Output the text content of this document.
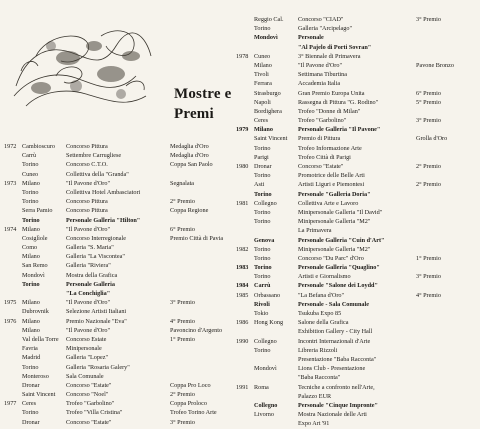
Mostre e
Premi
1972 Cambioscuro	Concorso Pittura	Medaglia d'Oro
Carrù	Settembre Carrugliese	Medaglia d'Oro
Torino	Concorso C.T.O.	Coppa San Paolo
Cuneo	Collettiva della "Granda"
1973 Milano	"Il Pavone d'Oro"	Segnalata
Torino	Collettiva Hotel Ambasciatori
Torino	Concorso Pittura	2° Premio
Serra Pamio	Concorso Pittura	Coppa Regione
Torino	Personale Galleria "Hilton"
1974 Milano	"Il Pavone d'Oro"	6° Premio
Cosiglìole	Concorso Interregionale	Premio Città di Pavia
Como	Galleria "S. Maria"
Milano	Galleria "La Viscontea"
San Remo	Galleria "Riviera"
Mondovì	Mostra della Grafica
Torino	Personale Galleria
"La Conchiglia"
1975 Milano	"Il Pavone d'Oro"	3° Premio
Dubrovnik	Selezione Artisti Italiani
1976 Milano	Premio Nazionale "Eva"	4° Premio
Milano	"Il Pavone d'Oro"	Pavoncino d'Argento
Val della Torre	Concorso Estate	1° Premio
Favria	Minipersonale
Madrid	Galleria "Lopez"
Torino	Galleria "Rosaria Galery"
Monteroso	Sala Comunale
Dronar	Concorso "Estate"	Coppa Pro Loco
Saint Vincent	Concorso "Noel"	2° Premio
1977 Ceres	Trofeo "Garbolino"	Coppa Proloco
Torino	Trofeo "Villa Cristina"	Trofeo Torino Arte
Dronar	Concorso "Estate"	3° Premio
Reggio Cal.	Concorso "CIAD"	3° Premio
Torino	Galleria "Arcipelago"
Mondovì	Personale
"Al Pajelo di Porti Sovran"
1978 Cuneo	3° Biennale di Primavera
Milano	"Il Pavone d'Oro"	Pavone Bronzo
Tivoli	Settimana Tiburtina
Ferrara	Accademia Italia
Strasburgo	Gran Premio Europa Unita	6° Premio
Napoli	Rassegna di Pittura "G. Rodino"	5° Premio
Bordighera	Trofeo "Donne di Milan"
Ceres	Trofeo "Garbolino"	3° Premio
1979 Milano	Personale Galleria "Il Pavone"
Saint Vincent	Premio di Pittura	Grolla d'Oro
Torino	Trofeo Informazione Arte
Parigi	Trofeo Città di Parigi
1980 Dronar	Concorso "Estate"	2° Premio
Torino	Promotrice delle Belle Arti
Asti	Artisti Liguri e Piemontesi	2° Premio
Torino	Personale "Galleria Doria"
1981 Collegno	Collettiva Arte e Lavoro
Torino	Minipersonale Galleria "Il David"
Torino	Minipersonale Galleria "M2"
La Primavera
Genova	Personale Galleria "Cuin d'Art"
1982 Torino	Minipersonale Galleria "M2"
Torino	Concorso "Du Parc" d'Oro	1° Premio
1983 Torino	Personale Galleria "Quaglino"
Torino	Artisti e Giornalismo	3° Premio
1984 Carrù	Personale "Salone dei Loydd"
1985 Orbassano	"La Befana d'Oro"	4° Premio
Rivoli	Personale - Sala Comunale
Tokio	Tsukuba Expo 85
1986 Hong Kong	Salone della Grafica
Exhibition Gallery - City Hall
1990 Collegno	Incontri Internazionali d'Arte
Torino	Libreria Rizzoli
Presentazione "Baba Racconta"
Mondovì	Lions Club - Presentazione
"Baba Racconta"
1991 Roma	Tecniche a confronto nell'Arte,
Palazzo EUR
Collegno	Personale "Cinque Impronte"
Livorno	Mostra Nazionale delle Arti
Expo Art '91
